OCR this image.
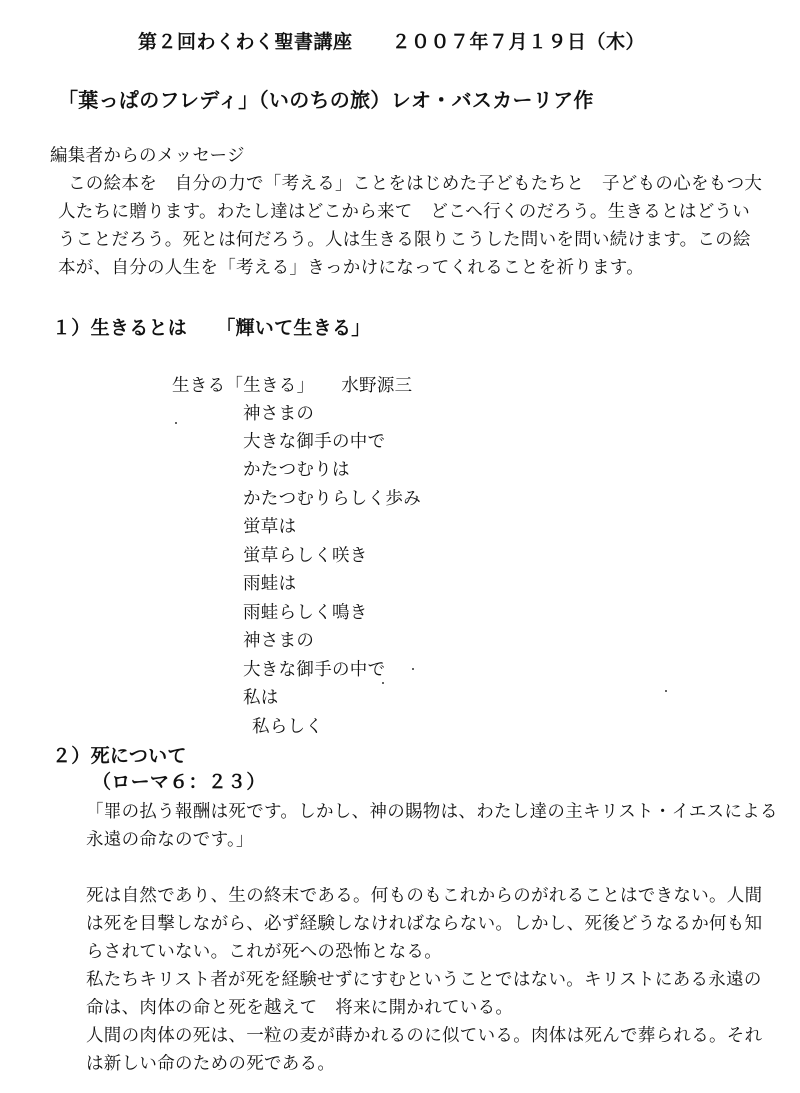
第２回わくわく聖書講座　　２００７年７月１９日（木）
「葉っぱのフレディ」（いのちの旅）レオ・バスカーリア作
編集者からのメッセージ
この絵本を　自分の力で「考える」ことをはじめた子どもたちと　子どもの心をもつ大
人たちに贈ります。わたし達はどこから来て　どこへ行くのだろう。生きるとはどうい
うことだろう。死とは何だろう。人は生きる限りこうした問いを問い続けます。この絵
本が、自分の人生を「考える」きっかけになってくれることを祈ります。
１）生きるとは　　「輝いて生きる」
生きる「生きる」　　水野源三
神さまの
大きな御手の中で
かたつむりは
かたつむりらしく歩み
蛍草は
蛍草らしく咲き
雨蛙は
雨蛙らしく鳴き
神さまの
大きな御手の中で
私は
私らしく
２）死について
（ローマ６：２３）
「罪の払う報酬は死です。しかし、神の賜物は、わたし達の主キリスト・イエスによる
永遠の命なのです。」
死は自然であり、生の終末である。何ものもこれからのがれることはできない。人間
は死を目撃しながら、必ず経験しなければならない。しかし、死後どうなるか何も知
らされていない。これが死への恐怖となる。
私たちキリスト者が死を経験せずにすむということではない。キリストにある永遠の
命は、肉体の命と死を越えて　将来に開かれている。
人間の肉体の死は、一粒の麦が蒔かれるのに似ている。肉体は死んで葬られる。それ
は新しい命のための死である。
